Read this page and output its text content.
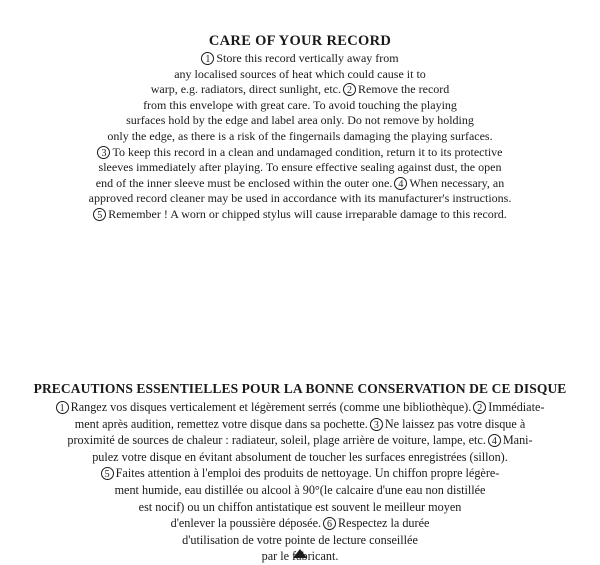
CARE OF YOUR RECORD
1 Store this record vertically away from
any localised sources of heat which could cause it to
warp, e.g. radiators, direct sunlight, etc. 2 Remove the record
from this envelope with great care. To avoid touching the playing
surfaces hold by the edge and label area only. Do not remove by holding
only the edge, as there is a risk of the fingernails damaging the playing surfaces.
3 To keep this record in a clean and undamaged condition, return it to its protective
sleeves immediately after playing. To ensure effective sealing against dust, the open
end of the inner sleeve must be enclosed within the outer one. 4 When necessary, an
approved record cleaner may be used in accordance with its manufacturer's instructions.
5 Remember ! A worn or chipped stylus will cause irreparable damage to this record.
PRECAUTIONS ESSENTIELLES POUR LA BONNE CONSERVATION DE CE DISQUE
1 Rangez vos disques verticalement et légèrement serrés (comme une bibliothèque). 2 Immédiate-
ment après audition, remettez votre disque dans sa pochette. 3 Ne laissez pas votre disque à
proximité de sources de chaleur : radiateur, soleil, plage arrière de voiture, lampe, etc. 4 Mani-
pulez votre disque en évitant absolument de toucher les surfaces enregistrées (sillon).
5 Faites attention à l'emploi des produits de nettoyage. Un chiffon propre légère-
ment humide, eau distillée ou alcool à 90°(le calcaire d'une eau non distillée
est nocif) ou un chiffon antistatique est souvent le meilleur moyen
d'enlever la poussière déposée. 6 Respectez la durée
d'utilisation de votre pointe de lecture conseillée
par le fabricant.
